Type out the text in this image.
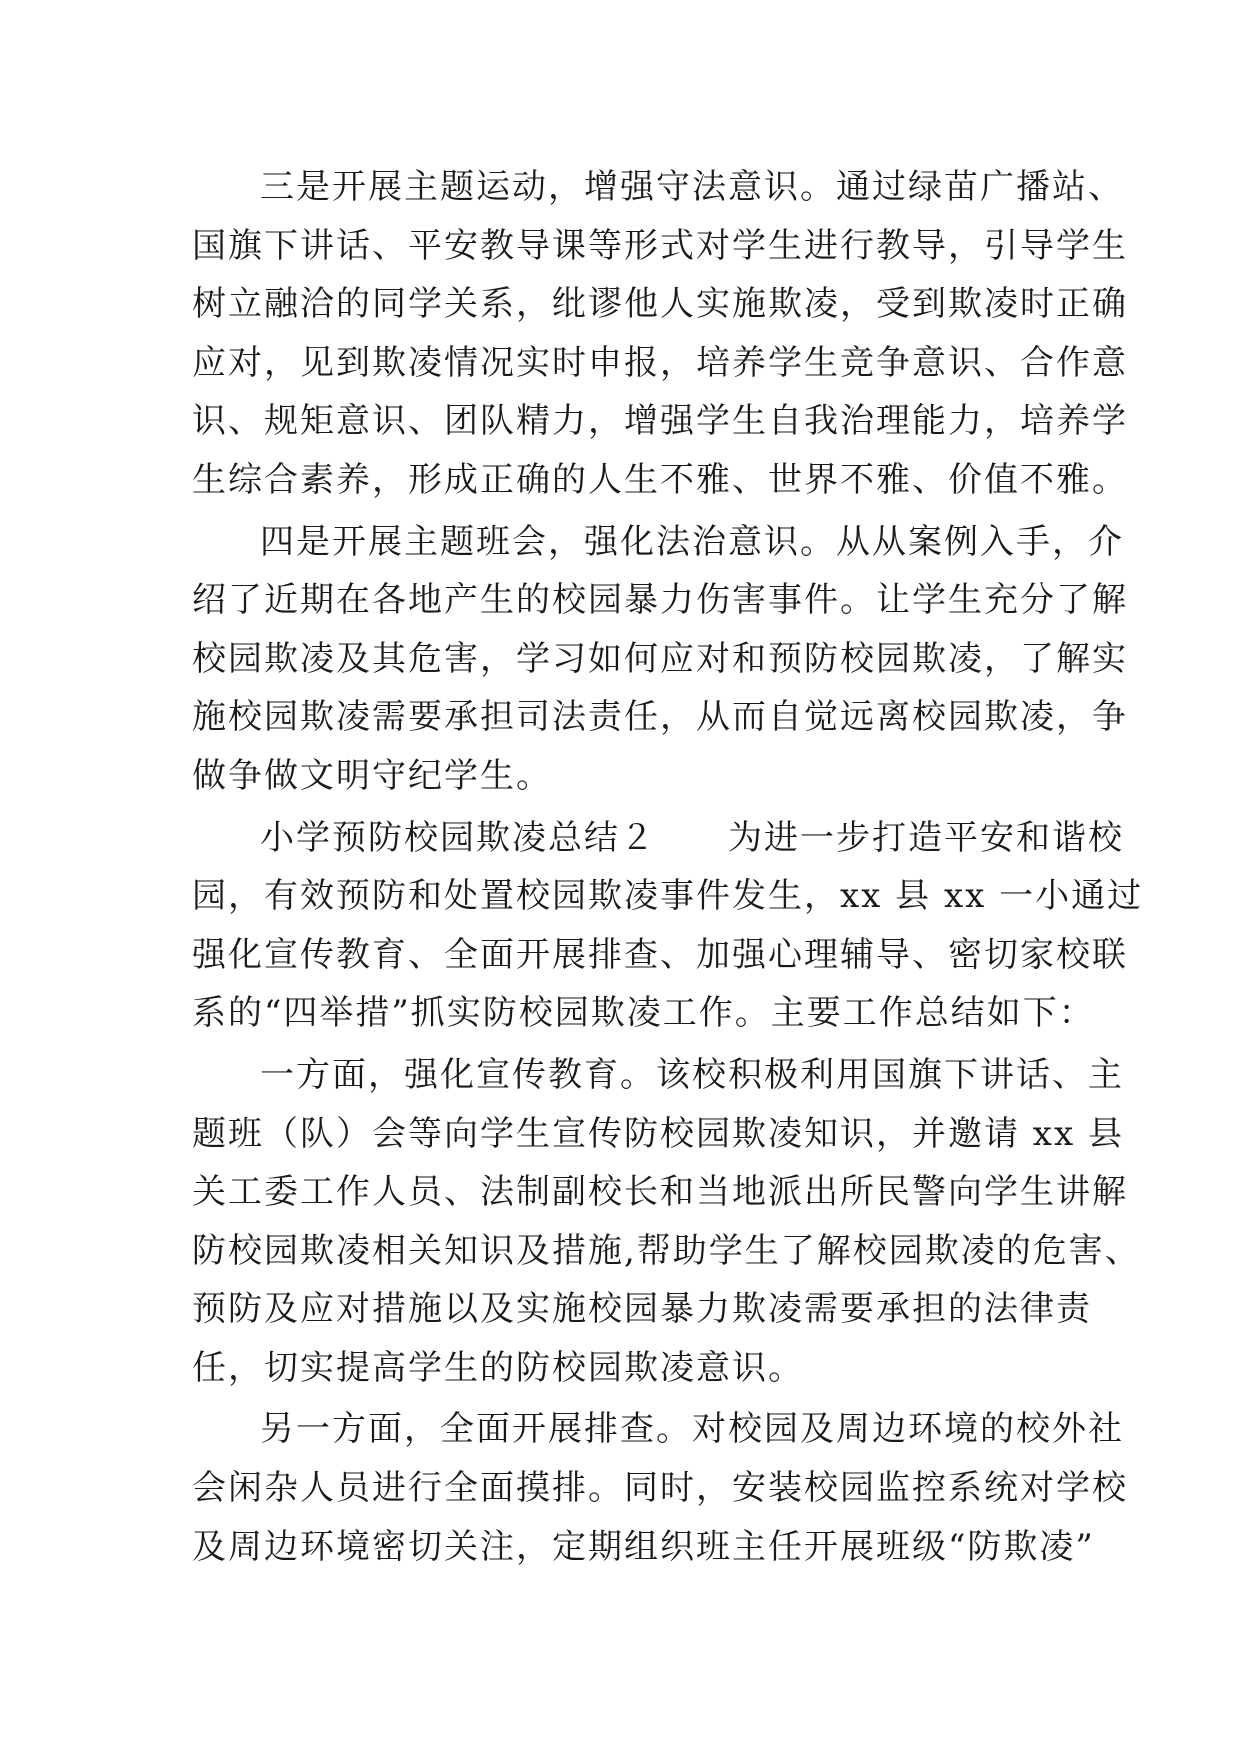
三是开展主题运动，增强守法意识。通过绿苗广播站、
国旗下讲话、平安教导课等形式对学生进行教导，引导学生
树立融洽的同学关系，纰谬他人实施欺凌，受到欺凌时正确
应对，见到欺凌情况实时申报，培养学生竞争意识、合作意
识、规矩意识、团队精力，增强学生自我治理能力，培养学
生综合素养，形成正确的人生不雅、世界不雅、价值不雅。
四是开展主题班会，强化法治意识。从从案例入手，介
绍了近期在各地产生的校园暴力伤害事件。让学生充分了解
校园欺凌及其危害，学习如何应对和预防校园欺凌，了解实
施校园欺凌需要承担司法责任，从而自觉远离校园欺凌，争
做争做文明守纪学生。
小学预防校园欺凌总结２　　为进一步打造平安和谐校
园，有效预防和处置校园欺凌事件发生，xx 县 xx 一小通过
强化宣传教育、全面开展排查、加强心理辅导、密切家校联
系的“四举措”抓实防校园欺凌工作。主要工作总结如下：
一方面，强化宣传教育。该校积极利用国旗下讲话、主
题班（队）会等向学生宣传防校园欺凌知识，并邀请 xx 县
关工委工作人员、法制副校长和当地派出所民警向学生讲解
防校园欺凌相关知识及措施,帮助学生了解校园欺凌的危害、
预防及应对措施以及实施校园暴力欺凌需要承担的法律责
任，切实提高学生的防校园欺凌意识。
另一方面，全面开展排查。对校园及周边环境的校外社
会闲杂人员进行全面摸排。同时，安装校园监控系统对学校
及周边环境密切关注，定期组织班主任开展班级“防欺凌”
